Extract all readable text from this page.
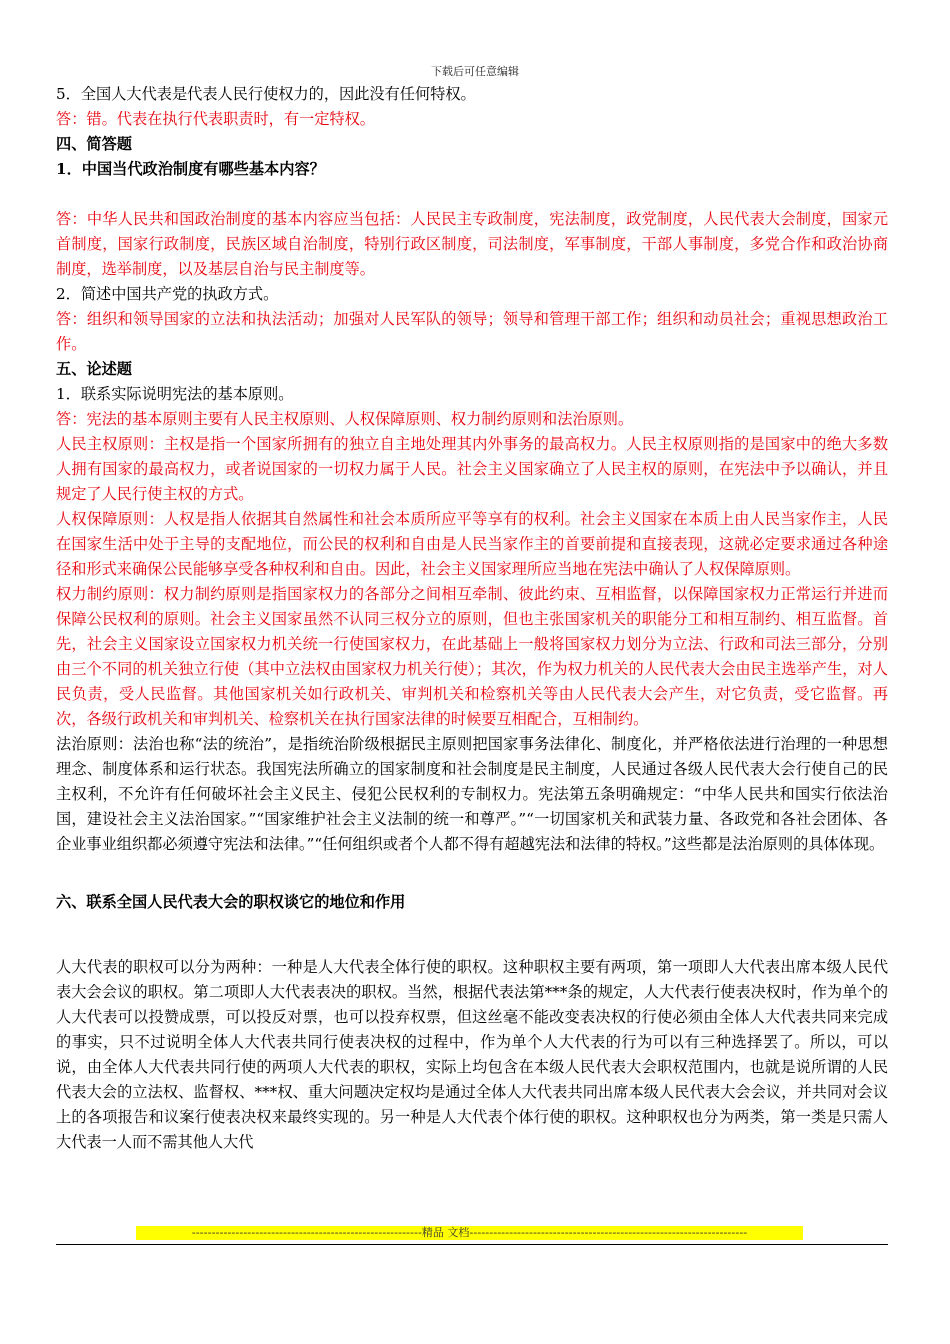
下载后可任意编辑

5．全国人大代表是代表人民行使权力的，因此没有任何特权。

答：错。代表在执行代表职责时，有一定特权。

四、简答题

1．中国当代政治制度有哪些基本内容？

答：中华人民共和国政治制度的基本内容应当包括：人民民主专政制度，宪法制度，政党制度，人民代表大会制度，国家元首制度，国家行政制度，民族区域自治制度，特别行政区制度，司法制度，军事制度，干部人事制度，多党合作和政治协商制度，选举制度，以及基层自治与民主制度等。

2．简述中国共产党的执政方式。

答：组织和领导国家的立法和执法活动；加强对人民军队的领导；领导和管理干部工作；组织和动员社会；重视思想政治工作。

五、论述题

1．联系实际说明宪法的基本原则。

答：宪法的基本原则主要有人民主权原则、人权保障原则、权力制约原则和法治原则。

人民主权原则：主权是指一个国家所拥有的独立自主地处理其内外事务的最高权力。人民主权原则指的是国家中的绝大多数人拥有国家的最高权力，或者说国家的一切权力属于人民。社会主义国家确立了人民主权的原则，在宪法中予以确认，并且规定了人民行使主权的方式。

人权保障原则：人权是指人依据其自然属性和社会本质所应平等享有的权利。社会主义国家在本质上由人民当家作主，人民在国家生活中处于主导的支配地位，而公民的权利和自由是人民当家作主的首要前提和直接表现，这就必定要求通过各种途径和形式来确保公民能够享受各种权利和自由。因此，社会主义国家理所应当地在宪法中确认了人权保障原则。

权力制约原则：权力制约原则是指国家权力的各部分之间相互牵制、彼此约束、互相监督，以保障国家权力正常运行并进而保障公民权利的原则。社会主义国家虽然不认同三权分立的原则，但也主张国家机关的职能分工和相互制约、相互监督。首先，社会主义国家设立国家权力机关统一行使国家权力，在此基础上一般将国家权力划分为立法、行政和司法三部分，分别由三个不同的机关独立行使（其中立法权由国家权力机关行使）；其次，作为权力机关的人民代表大会由民主选举产生，对人民负责，受人民监督。其他国家机关如行政机关、审判机关和检察机关等由人民代表大会产生，对它负责，受它监督。再次，各级行政机关和审判机关、检察机关在执行国家法律的时候要互相配合，互相制约。

法治原则：法治也称“法的统治”，是指统治阶级根据民主原则把国家事务法律化、制度化，并严格依法进行治理的一种思想理念、制度体系和运行状态。我国宪法所确立的国家制度和社会制度是民主制度，人民通过各级人民代表大会行使自己的民主权利，不允许有任何破坏社会主义民主、侵犯公民权利的专制权力。宪法第五条明确规定：“中华人民共和国实行依法治国，建设社会主义法治国家。”“国家维护社会主义法制的统一和尊严。”“一切国家机关和武装力量、各政党和各社会团体、各企业事业组织都必须遵守宪法和法律。”“任何组织或者个人都不得有超越宪法和法律的特权。”这些都是法治原则的具体体现。

六、联系全国人民代表大会的职权谈它的地位和作用

人大代表的职权可以分为两种：一种是人大代表全体行使的职权。这种职权主要有两项，第一项即人大代表出席本级人民代表大会会议的职权。第二项即人大代表表决的职权。当然，根据代表法第***条的规定，人大代表行使表决权时，作为单个的人大代表可以投赞成票，可以投反对票，也可以投弃权票，但这丝毫不能改变表决权的行使必须由全体人大代表共同来完成的事实，只不过说明全体人大代表共同行使表决权的过程中，作为单个人大代表的行为可以有三种选择罢了。所以，可以说，由全体人大代表共同行使的两项人大代表的职权，实际上均包含在本级人民代表大会职权范围内，也就是说所谓的人民代表大会的立法权、监督权、***权、重大问题决定权均是通过全体人大代表共同出席本级人民代表大会会议，并共同对会议上的各项报告和议案行使表决权来最终实现的。另一种是人大代表个体行使的职权。这种职权也分为两类，第一类是只需人大代表一人而不需其他人大代

----------------------------------------------------------精品 文档----------------------------------------------------------------------
